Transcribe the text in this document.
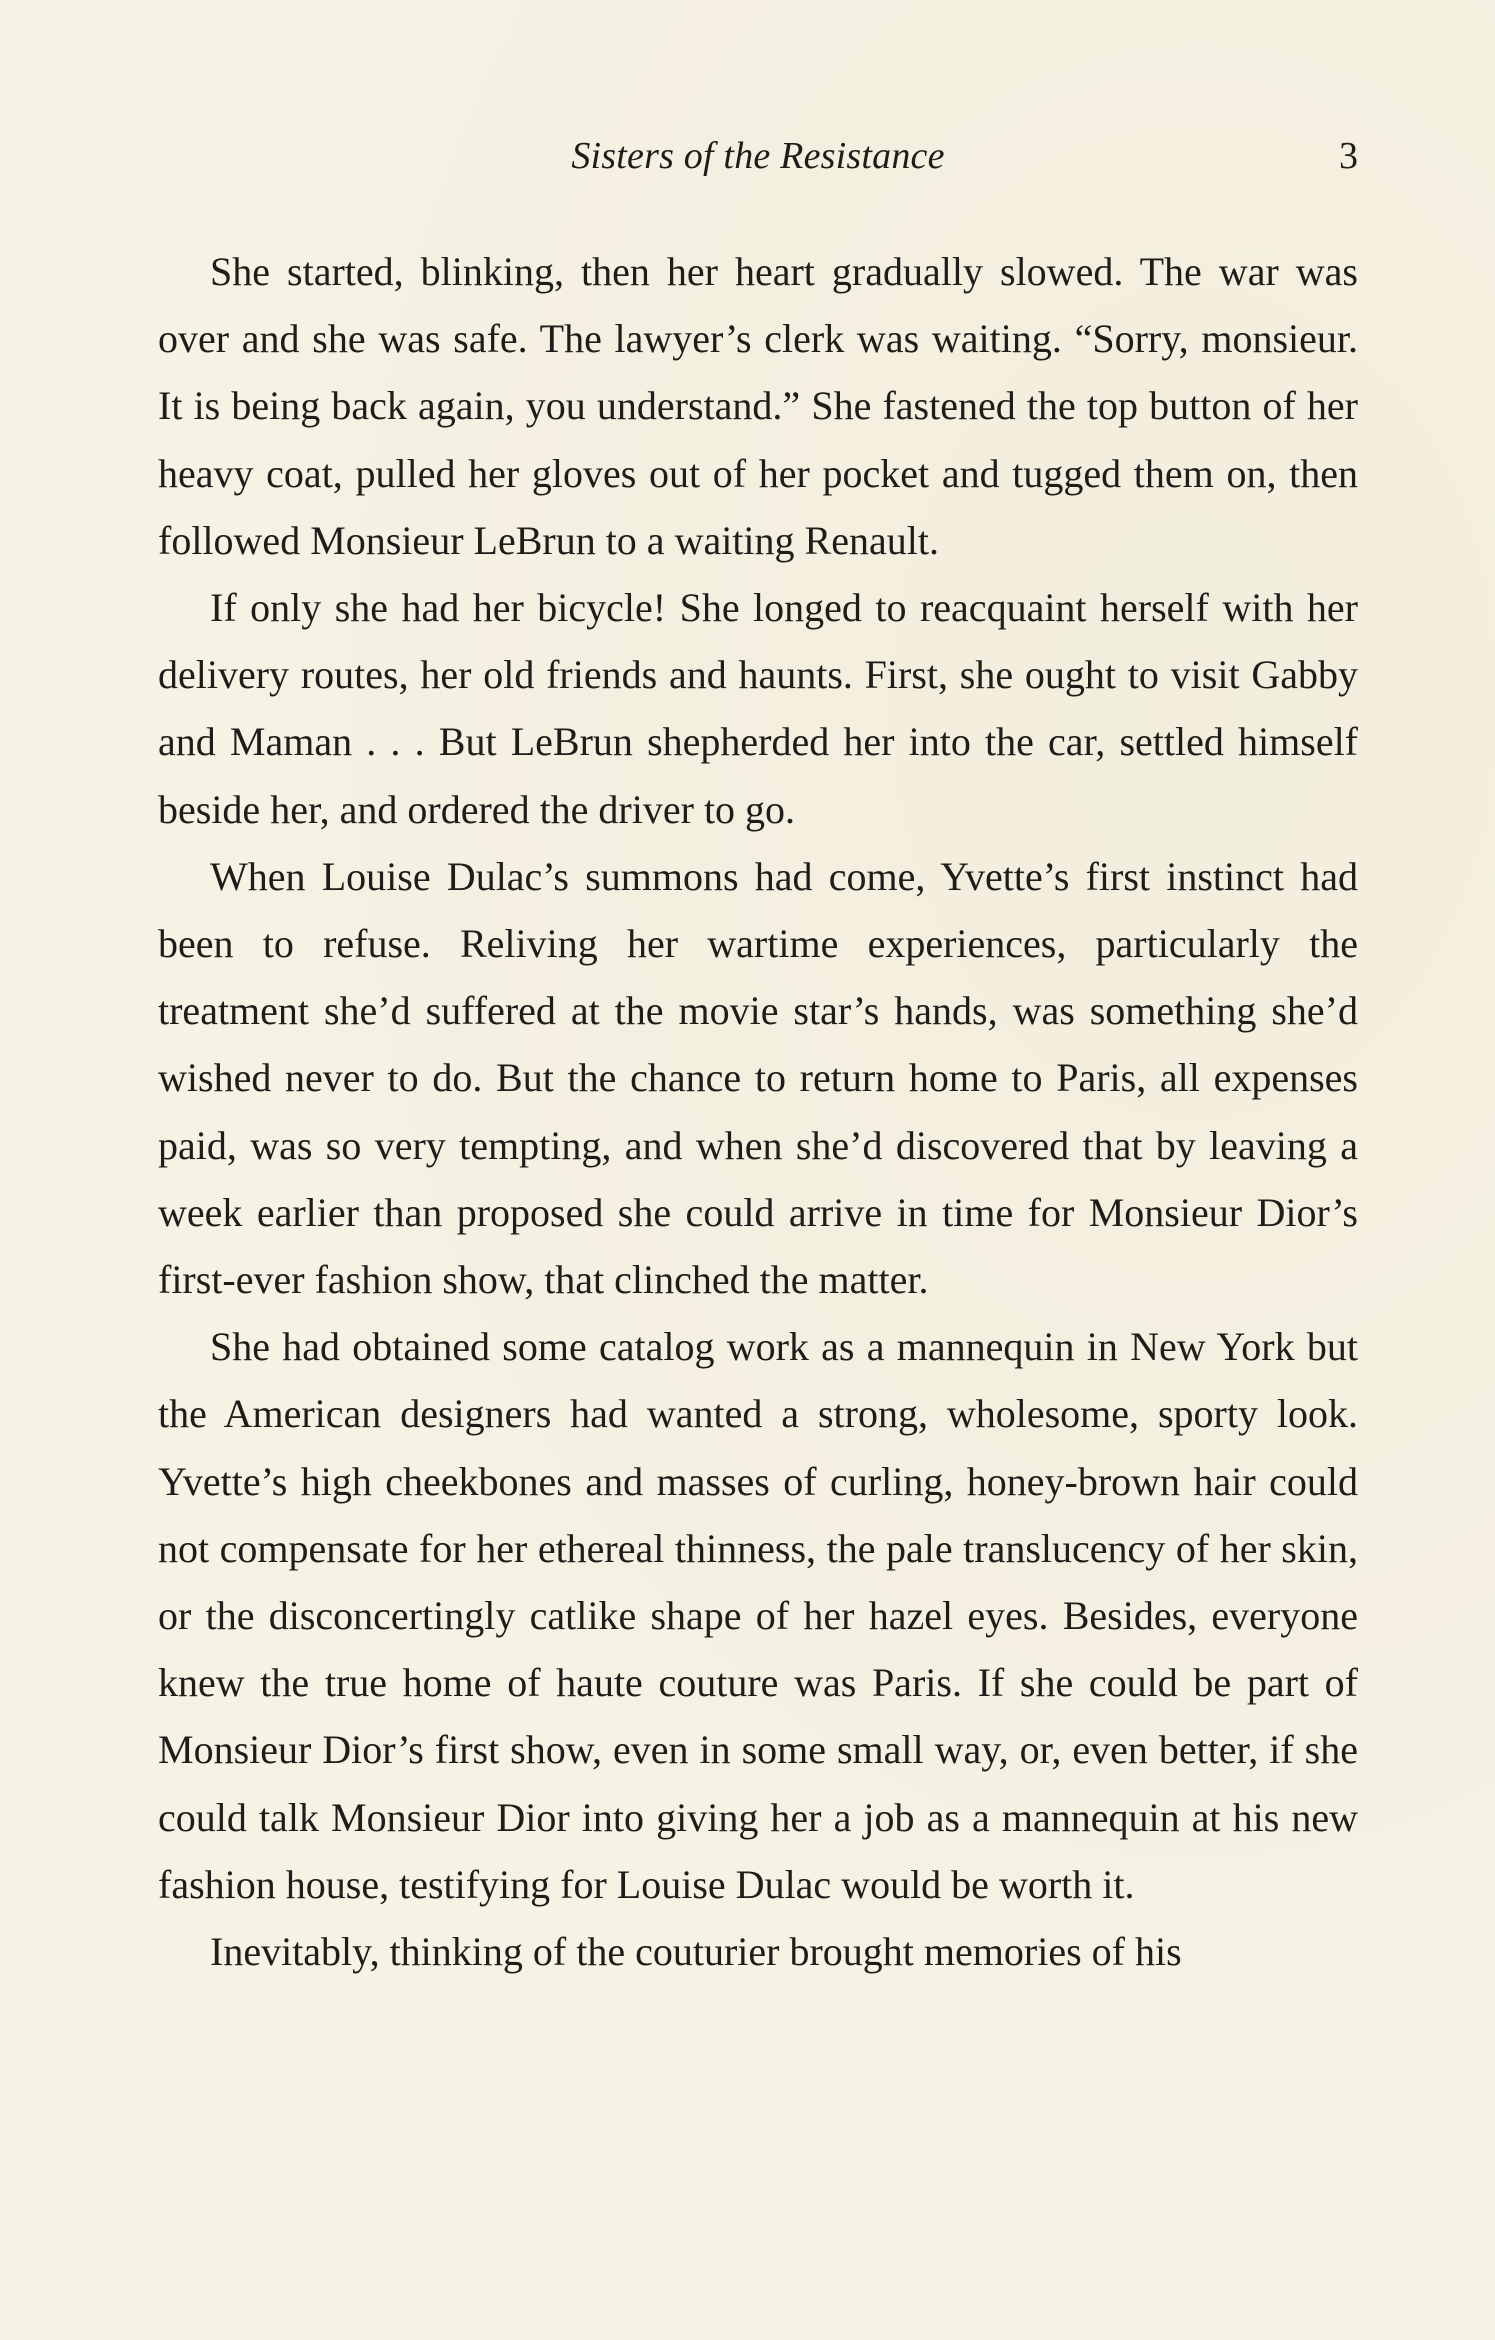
Sisters of the Resistance	3

She started, blinking, then her heart gradually slowed. The war was over and she was safe. The lawyer’s clerk was waiting. “Sorry, monsieur. It is being back again, you understand.” She fastened the top button of her heavy coat, pulled her gloves out of her pocket and tugged them on, then followed Monsieur LeBrun to a waiting Renault.

If only she had her bicycle! She longed to reacquaint herself with her delivery routes, her old friends and haunts. First, she ought to visit Gabby and Maman . . . But LeBrun shepherded her into the car, settled himself beside her, and ordered the driver to go.

When Louise Dulac’s summons had come, Yvette’s first instinct had been to refuse. Reliving her wartime experiences, particularly the treatment she’d suffered at the movie star’s hands, was something she’d wished never to do. But the chance to return home to Paris, all expenses paid, was so very tempting, and when she’d discovered that by leaving a week earlier than proposed she could arrive in time for Monsieur Dior’s first-ever fashion show, that clinched the matter.

She had obtained some catalog work as a mannequin in New York but the American designers had wanted a strong, wholesome, sporty look. Yvette’s high cheekbones and masses of curling, honey-brown hair could not compensate for her ethereal thinness, the pale translucency of her skin, or the disconcertingly catlike shape of her hazel eyes. Besides, everyone knew the true home of haute couture was Paris. If she could be part of Monsieur Dior’s first show, even in some small way, or, even better, if she could talk Monsieur Dior into giving her a job as a mannequin at his new fashion house, testifying for Louise Dulac would be worth it.

Inevitably, thinking of the couturier brought memories of his
